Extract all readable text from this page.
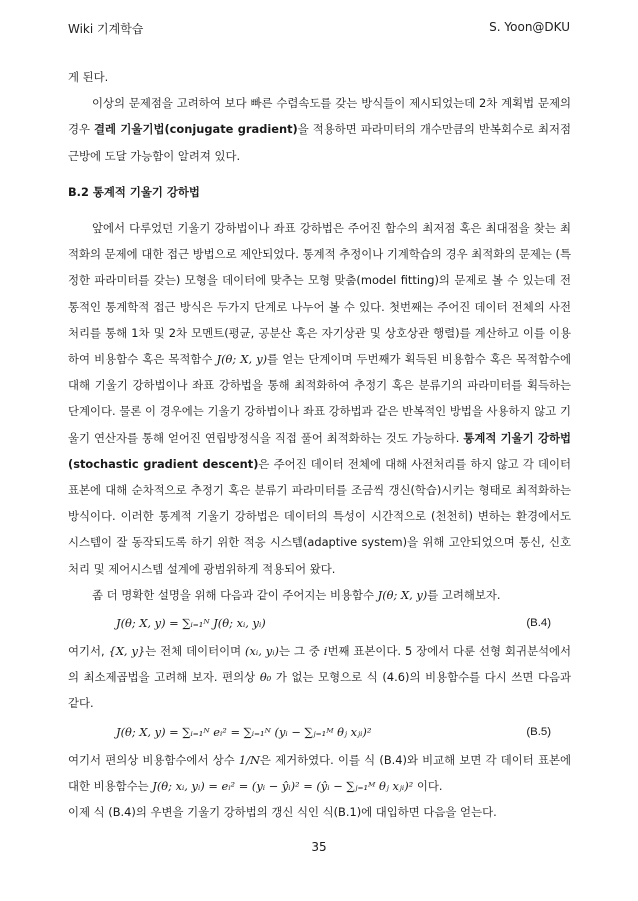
Wiki 기계학습	S. Yoon@DKU

게 된다.

이상의 문제점을 고려하여 보다 빠른 수렴속도를 갖는 방식들이 제시되었는데 2차 계획법 문제의 경우 결레 기울기법(conjugate gradient)을 적용하면 파라미터의 개수만큼의 반복회수로 최저점 근방에 도달 가능함이 알려져 있다.

B.2 통계적 기울기 강하법

앞에서 다루었던 기울기 강하법이나 좌표 강하법은 주어진 함수의 최저점 혹은 최대점을 찾는 최적화의 문제에 대한 접근 방법으로 제안되었다. 통계적 추정이나 기계학습의 경우 최적화의 문제는 (특정한 파라미터를 갖는) 모형을 데이터에 맞추는 모형 맞춤(model fitting)의 문제로 볼 수 있는데 전통적인 통계학적 접근 방식은 두가지 단계로 나누어 볼 수 있다. 첫번째는 주어진 데이터 전체의 사전처리를 통해 1차 및 2차 모멘트(평균, 공분산 혹은 자기상관 및 상호상관 행렬)를 계산하고 이를 이용하여 비용함수 혹은 목적함수 J(θ; X, y)를 얻는 단계이며 두번째가 획득된 비용함수 혹은 목적함수에 대해 기울기 강하법이나 좌표 강하법을 통해 최적화하여 추정기 혹은 분류기의 파라미터를 획득하는 단계이다. 물론 이 경우에는 기울기 강하법이나 좌표 강하법과 같은 반복적인 방법을 사용하지 않고 기울기 연산자를 통해 얻어진 연립방정식을 직접 풀어 최적화하는 것도 가능하다. 통계적 기울기 강하법(stochastic gradient descent)은 주어진 데이터 전체에 대해 사전처리를 하지 않고 각 데이터 표본에 대해 순차적으로 추정기 혹은 분류기 파라미터를 조금씩 갱신(학습)시키는 형태로 최적화하는 방식이다. 이러한 통계적 기울기 강하법은 데이터의 특성이 시간적으로 (천천히) 변하는 환경에서도 시스템이 잘 동작되도록 하기 위한 적응 시스템(adaptive system)을 위해 고안되었으며 통신, 신호처리 및 제어시스템 설계에 광범위하게 적용되어 왔다.

좀 더 명확한 설명을 위해 다음과 같이 주어지는 비용함수 J(θ; X, y)를 고려해보자.

J(θ; X, y) = ∑ᵢ₌₁ᴺ J(θ; xᵢ, yᵢ)	(B.4)

여기서, {X, y}는 전체 데이터이며 (xᵢ, yᵢ)는 그 중 i번째 표본이다. 5 장에서 다룬 선형 회귀분석에서의 최소제곱법을 고려해 보자. 편의상 θ₀ 가 없는 모형으로 식 (4.6)의 비용함수를 다시 쓰면 다음과 같다.

J(θ; X, y) = ∑ᵢ₌₁ᴺ eᵢ² = ∑ᵢ₌₁ᴺ (yᵢ − ∑ⱼ₌₁ᴹ θⱼ xⱼᵢ)²	(B.5)

여기서 편의상 비용함수에서 상수 1/N은 제거하였다. 이를 식 (B.4)와 비교해 보면 각 데이터 표본에 대한 비용함수는 J(θ; xᵢ, yᵢ) = eᵢ² = (yᵢ − ŷᵢ)² = (ŷᵢ − ∑ⱼ₌₁ᴹ θⱼ xⱼᵢ)² 이다.

이제 식 (B.4)의 우변을 기울기 강하법의 갱신 식인 식(B.1)에 대입하면 다음을 얻는다.

35
